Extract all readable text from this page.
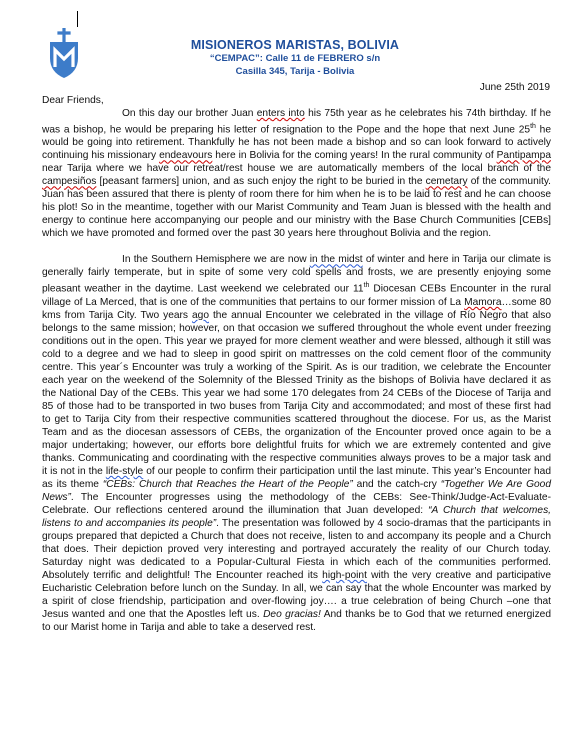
MISIONEROS MARISTAS, BOLIVIA
“CEMPAC”: Calle 11 de FEBRERO s/n
Casilla 345, Tarija - Bolivia
June 25th 2019
Dear Friends,

On this day our brother Juan enters into his 75th year as he celebrates his 74th birthday. If he was a bishop, he would be preparing his letter of resignation to the Pope and the hope that next June 25th he would be going into retirement. Thankfully he has not been made a bishop and so can look forward to actively continuing his missionary endeavours here in Bolivia for the coming years! In the rural community of Pantipampa near Tarija where we have our retreat/rest house we are automatically members of the local branch of the campesiños [peasant farmers] union, and as such enjoy the right to be buried in the cemetary of the community. Juan has been assured that there is plenty of room there for him when he is to be laid to rest and he can choose his plot! So in the meantime, together with our Marist Community and Team Juan is blessed with the health and energy to continue here accompanying our people and our ministry with the Base Church Communities [CEBs] which we have promoted and formed over the past 30 years here throughout Bolivia and the region.

In the Southern Hemisphere we are now in the midst of winter and here in Tarija our climate is generally fairly temperate, but in spite of some very cold spells and frosts, we are presently enjoying some pleasant weather in the daytime. Last weekend we celebrated our 11th Diocesan CEBs Encounter in the rural village of La Merced, that is one of the communities that pertains to our former mission of La Mamora…some 80 kms from Tarija City. Two years ago the annual Encounter we celebrated in the village of Río Negro that also belongs to the same mission; however, on that occasion we suffered throughout the whole event under freezing conditions out in the open. This year we prayed for more clement weather and were blessed, although it still was cold to a degree and we had to sleep in good spirit on mattresses on the cold cement floor of the community centre. This year´s Encounter was truly a working of the Spirit. As is our tradition, we celebrate the Encounter each year on the weekend of the Solemnity of the Blessed Trinity as the bishops of Bolivia have declared it as the National Day of the CEBs. This year we had some 170 delegates from 24 CEBs of the Diocese of Tarija and 85 of those had to be transported in two buses from Tarija City and accommodated; and most of these first had to get to Tarija City from their respective communities scattered throughout the diocese. For us, as the Marist Team and as the diocesan assessors of CEBs, the organization of the Encounter proved once again to be a major undertaking; however, our efforts bore delightful fruits for which we are extremely contented and give thanks. Communicating and coordinating with the respective communities always proves to be a major task and it is not in the life-style of our people to confirm their participation until the last minute. This year’s Encounter had as its theme “CEBs: Church that Reaches the Heart of the People” and the catch-cry “Together We Are Good News”. The Encounter progresses using the methodology of the CEBs: See-Think/Judge-Act-Evaluate-Celebrate. Our reflections centered around the illumination that Juan developed: “A Church that welcomes, listens to and accompanies its people”. The presentation was followed by 4 socio-dramas that the participants in groups prepared that depicted a Church that does not receive, listen to and accompany its people and a Church that does. Their depiction proved very interesting and portrayed accurately the reality of our Church today. Saturday night was dedicated to a Popular-Cultural Fiesta in which each of the communities performed. Absolutely terrific and delightful! The Encounter reached its high-point with the very creative and participative Eucharistic Celebration before lunch on the Sunday. In all, we can say that the whole Encounter was marked by a spirit of close friendship, participation and over-flowing joy…. a true celebration of being Church –one that Jesus wanted and one that the Apostles left us. Deo gracias! And thanks be to God that we returned energized to our Marist home in Tarija and able to take a deserved rest.
